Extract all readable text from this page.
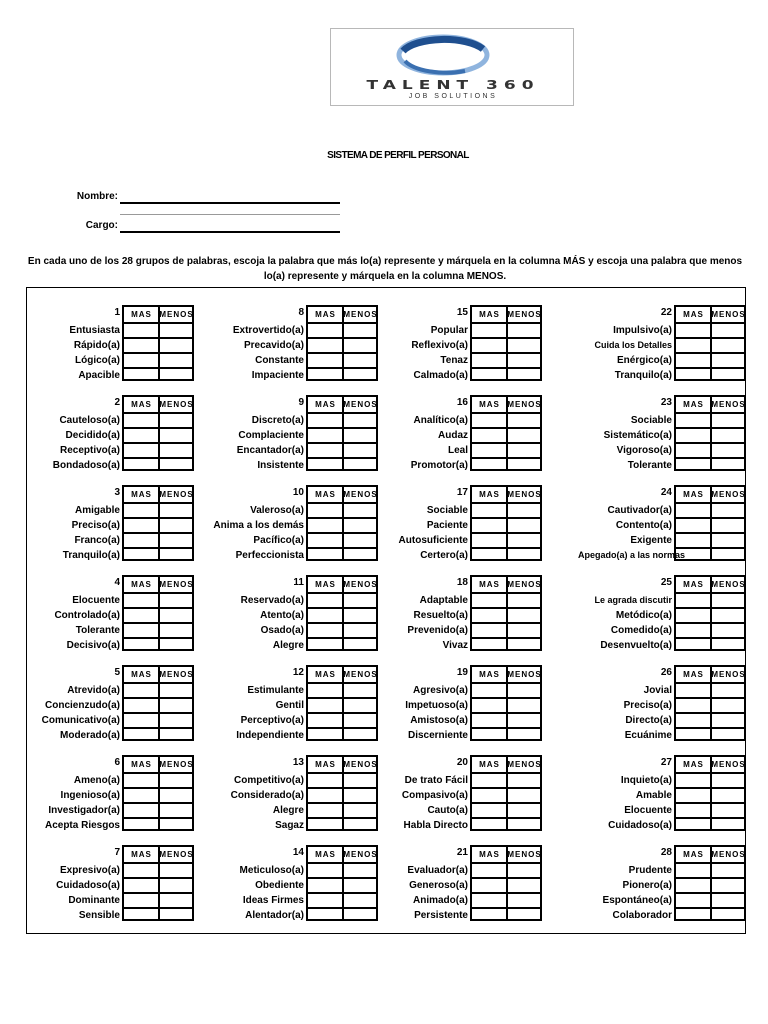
TALENT 360
JOB SOLUTIONS
SISTEMA DE PERFIL PERSONAL
Nombre:
Cargo:
En cada uno de los 28 grupos de palabras, escoja la palabra que más lo(a) represente y márquela en la columna MÁS y escoja una palabra que menos lo(a) represente y márquela en la columna MENOS.
1
Entusiasta
Rápido(a)
Lógico(a)
Apacible
MAS MENOS
2
Cauteloso(a)
Decidido(a)
Receptivo(a)
Bondadoso(a)
MAS MENOS
3
Amigable
Preciso(a)
Franco(a)
Tranquilo(a)
MAS MENOS
4
Elocuente
Controlado(a)
Tolerante
Decisivo(a)
MAS MENOS
5
Atrevido(a)
Concienzudo(a)
Comunicativo(a)
Moderado(a)
MAS MENOS
6
Ameno(a)
Ingenioso(a)
Investigador(a)
Acepta Riesgos
MAS MENOS
7
Expresivo(a)
Cuidadoso(a)
Dominante
Sensible
MAS MENOS
8
Extrovertido(a)
Precavido(a)
Constante
Impaciente
MAS MENOS
9
Discreto(a)
Complaciente
Encantador(a)
Insistente
MAS MENOS
10
Valeroso(a)
Anima a los demás
Pacífico(a)
Perfeccionista
MAS MENOS
11
Reservado(a)
Atento(a)
Osado(a)
Alegre
MAS MENOS
12
Estimulante
Gentil
Perceptivo(a)
Independiente
MAS MENOS
13
Competitivo(a)
Considerado(a)
Alegre
Sagaz
MAS MENOS
14
Meticuloso(a)
Obediente
Ideas Firmes
Alentador(a)
MAS MENOS
15
Popular
Reflexivo(a)
Tenaz
Calmado(a)
MAS MENOS
16
Analítico(a)
Audaz
Leal
Promotor(a)
MAS MENOS
17
Sociable
Paciente
Autosuficiente
Certero(a)
MAS MENOS
18
Adaptable
Resuelto(a)
Prevenido(a)
Vivaz
MAS MENOS
19
Agresivo(a)
Impetuoso(a)
Amistoso(a)
Discerniente
MAS MENOS
20
De trato Fácil
Compasivo(a)
Cauto(a)
Habla Directo
MAS MENOS
21
Evaluador(a)
Generoso(a)
Animado(a)
Persistente
MAS MENOS
22
Impulsivo(a)
Cuida los Detalles
Enérgico(a)
Tranquilo(a)
MAS MENOS
23
Sociable
Sistemático(a)
Vigoroso(a)
Tolerante
MAS MENOS
24
Cautivador(a)
Contento(a)
Exigente
Apegado(a) a las normas
MAS MENOS
25
Le agrada discutir
Metódico(a)
Comedido(a)
Desenvuelto(a)
MAS MENOS
26
Jovial
Preciso(a)
Directo(a)
Ecuánime
MAS MENOS
27
Inquieto(a)
Amable
Elocuente
Cuidadoso(a)
MAS MENOS
28
Prudente
Pionero(a)
Espontáneo(a)
Colaborador
MAS MENOS
